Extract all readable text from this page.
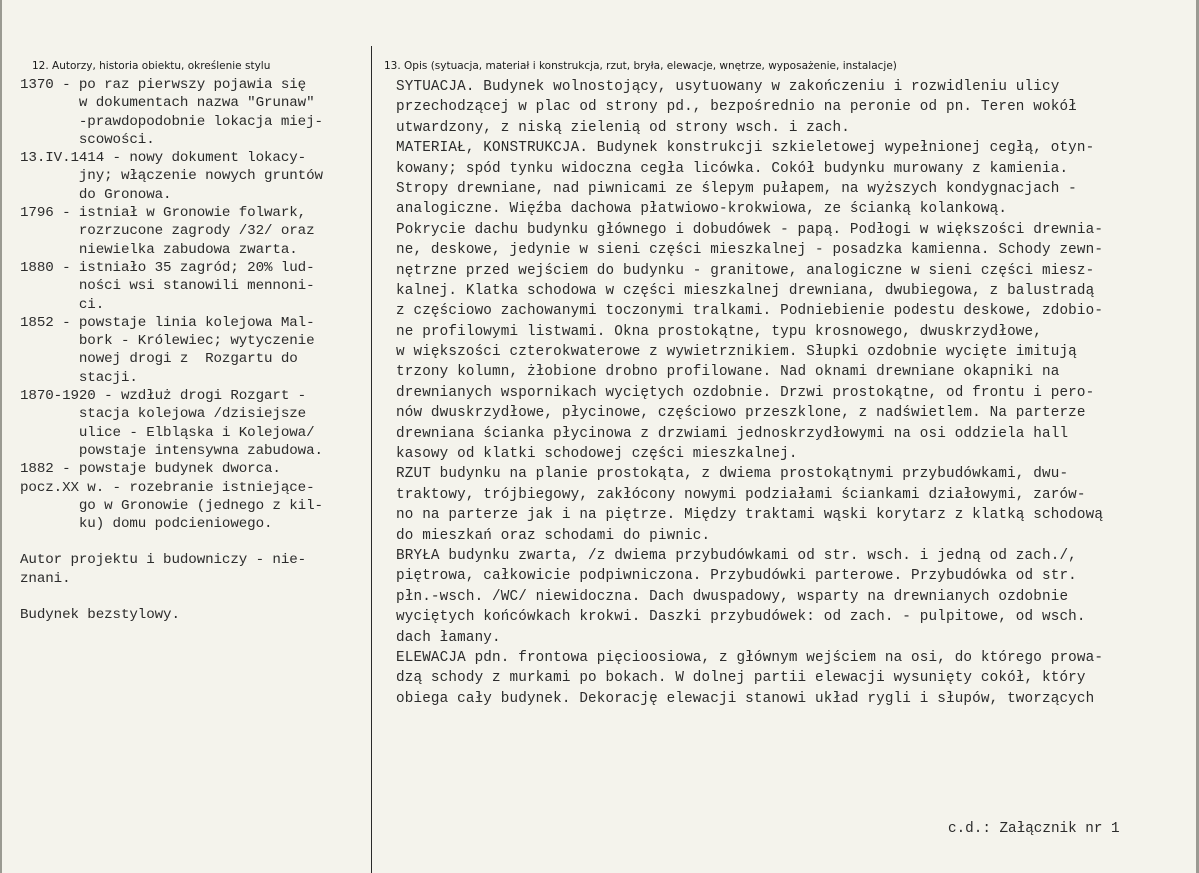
12. Autorzy, historia obiektu, określenie stylu	13. Opis (sytuacja, materiał i konstrukcja, rzut, bryła, elewacje, wnętrze, wyposażenie, instalacje)
1370 - po raz pierwszy pojawia się
w dokumentach nazwa "Grunaw"
-prawdopodobnie lokacja miej-
scowości.
13.IV.1414 - nowy dokument lokacy-
jny; włączenie nowych gruntów
do Gronowa.
1796 - istniał w Gronowie folwark,
rozrzucone zagrody /32/ oraz
niewielka zabudowa zwarta.
1880 - istniało 35 zagród; 20% lud-
ności wsi stanowili mennoni-
ci.
1852 - powstaje linia kolejowa Mal-
bork - Królewiec; wytyczenie
nowej drogi z  Rozgartu do
stacji.
1870-1920 - wzdłuż drogi Rozgart -
stacja kolejowa /dzisiejsze
ulice - Elbląska i Kolejowa/
powstaje intensywna zabudowa.
1882 - powstaje budynek dworca.
pocz.XX w. - rozebranie istniejące-
go w Gronowie (jednego z kil-
ku) domu podcieniowego.
Autor projektu i budowniczy - nie-
znani.
Budynek bezstylowy.
SYTUACJA. Budynek wolnostojący, usytuowany w zakończeniu i rozwidleniu ulicy
przechodzącej w plac od strony pd., bezpośrednio na peronie od pn. Teren wokół
utwardzony, z niską zielenią od strony wsch. i zach.
MATERIAŁ, KONSTRUKCJA. Budynek konstrukcji szkieletowej wypełnionej cegłą, otyn-
kowany; spód tynku widoczna cegła licówka. Cokół budynku murowany z kamienia.
Stropy drewniane, nad piwnicami ze ślepym pułapem, na wyższych kondygnacjach -
analogiczne. Więźba dachowa płatwiowo-krokwiowa, ze ścianką kolankową.
Pokrycie dachu budynku głównego i dobudówek - papą. Podłogi w większości drewnia-
ne, deskowe, jedynie w sieni części mieszkalnej - posadzka kamienna. Schody zewn-
nętrzne przed wejściem do budynku - granitowe, analogiczne w sieni części miesz-
kalnej. Klatka schodowa w części mieszkalnej drewniana, dwubiegowa, z balustradą
z częściowo zachowanymi toczonymi tralkami. Podniebienie podestu deskowe, zdobio-
ne profilowymi listwami. Okna prostokątne, typu krosnowego, dwuskrzydłowe,
w większości czterokwaterowe z wywietrznikiem. Słupki ozdobnie wycięte imitują
trzony kolumn, żłobione drobno profilowane. Nad oknami drewniane okapniki na
drewnianych wspornikach wyciętych ozdobnie. Drzwi prostokątne, od frontu i pero-
nów dwuskrzydłowe, płycinowe, częściowo przeszklone, z nadświetlem. Na parterze
drewniana ścianka płycinowa z drzwiami jednoskrzydłowymi na osi oddziela hall
kasowy od klatki schodowej części mieszkalnej.
RZUT budynku na planie prostokąta, z dwiema prostokątnymi przybudówkami, dwu-
traktowy, trójbiegowy, zakłócony nowymi podziałami ściankami działowymi, zarów-
no na parterze jak i na piętrze. Między traktami wąski korytarz z klatką schodową
do mieszkań oraz schodami do piwnic.
BRYŁA budynku zwarta, /z dwiema przybudówkami od str. wsch. i jedną od zach./,
piętrowa, całkowicie podpiwniczona. Przybudówki parterowe. Przybudówka od str.
płn.-wsch. /WC/ niewidoczna. Dach dwuspadowy, wsparty na drewnianych ozdobnie
wyciętych końcówkach krokwi. Daszki przybudówek: od zach. - pulpitowe, od wsch.
dach łamany.
ELEWACJA pdn. frontowa pięcioosiowa, z głównym wejściem na osi, do którego prowa-
dzą schody z murkami po bokach. W dolnej partii elewacji wysunięty cokół, który
obiega cały budynek. Dekorację elewacji stanowi układ rygli i słupów, tworzących
c.d.: Załącznik nr 1
